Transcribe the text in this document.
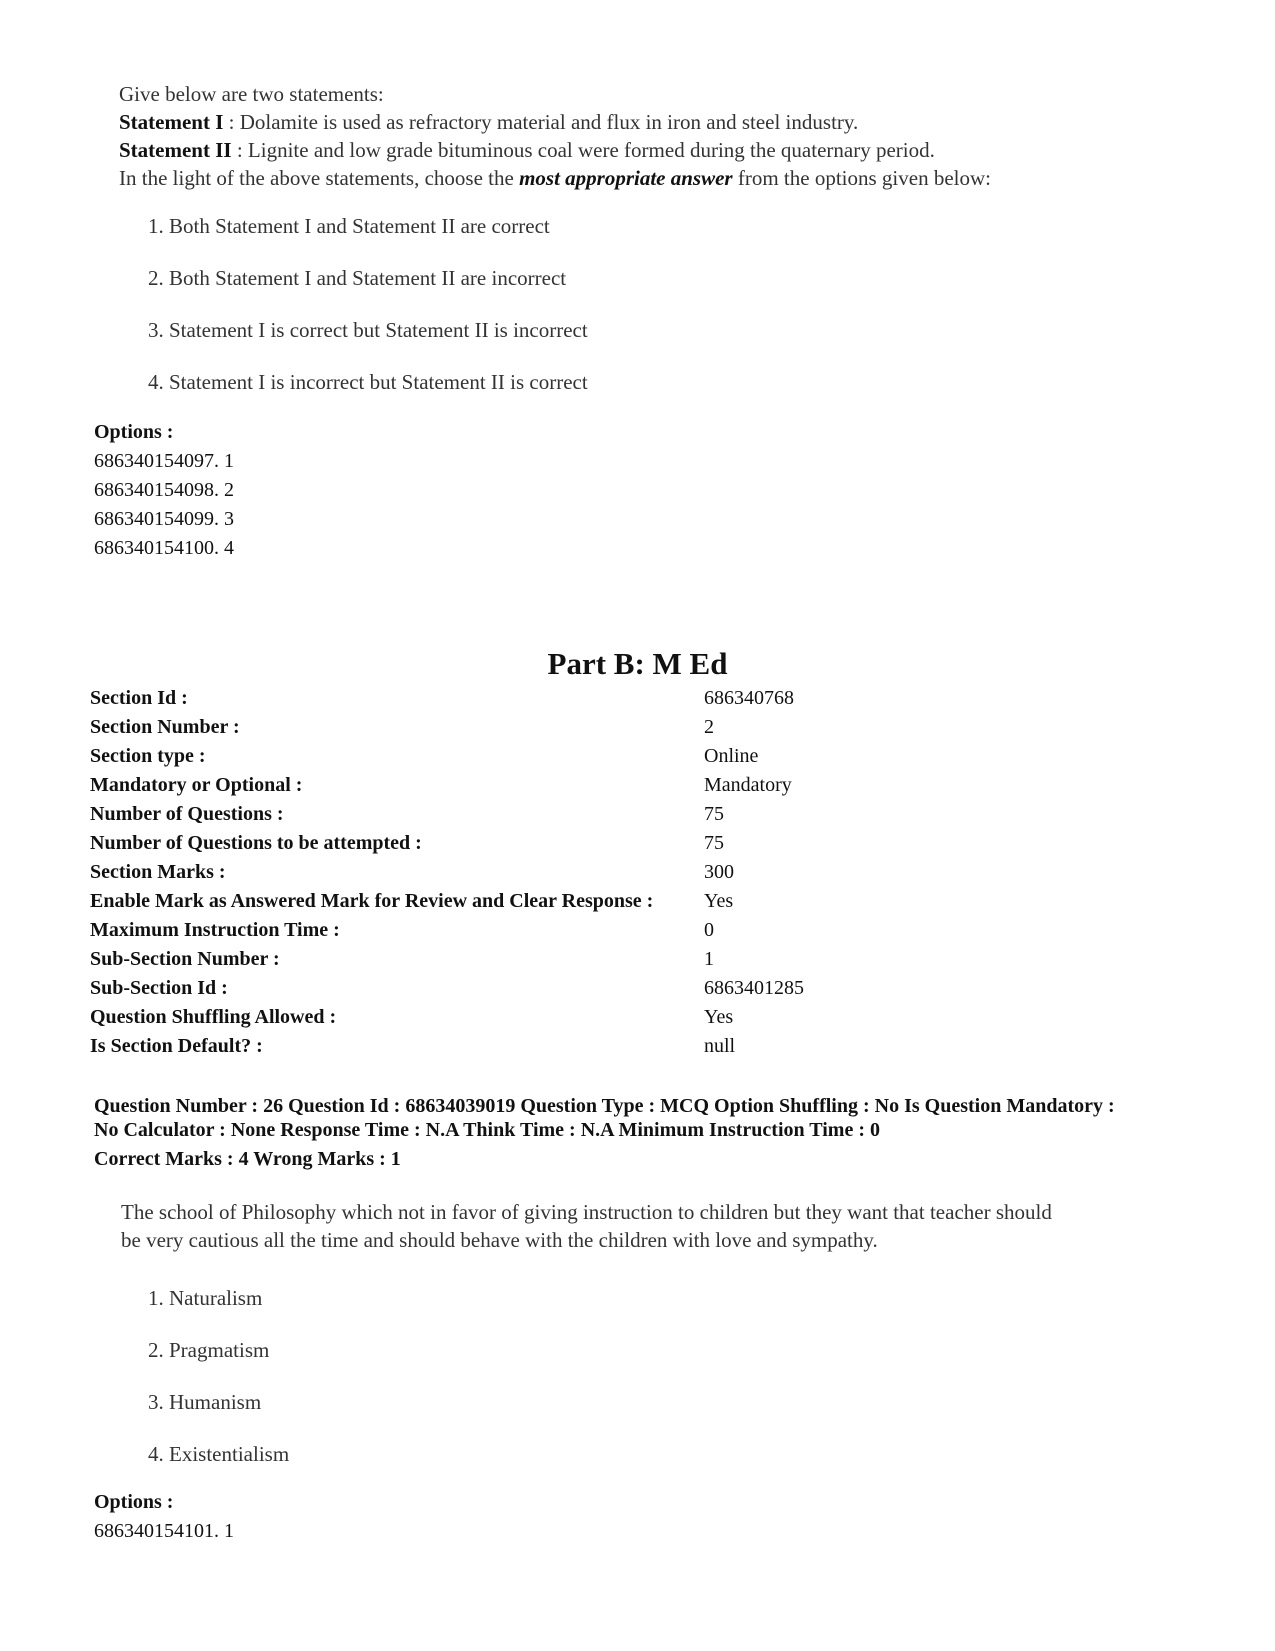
Give below are two statements:
Statement I : Dolamite is used as refractory material and flux in iron and steel industry.
Statement II : Lignite and low grade bituminous coal were formed during the quaternary period.
In the light of the above statements, choose the most appropriate answer from the options given below:
1. Both Statement I and Statement II are correct
2. Both Statement I and Statement II are incorrect
3. Statement I is correct but Statement II is incorrect
4. Statement I is incorrect but Statement II is correct
Options :
686340154097. 1
686340154098. 2
686340154099. 3
686340154100. 4
Part B: M Ed
Section Id :	686340768
Section Number :	2
Section type :	Online
Mandatory or Optional :	Mandatory
Number of Questions :	75
Number of Questions to be attempted :	75
Section Marks :	300
Enable Mark as Answered Mark for Review and Clear Response :	Yes
Maximum Instruction Time :	0
Sub-Section Number :	1
Sub-Section Id :	6863401285
Question Shuffling Allowed :	Yes
Is Section Default? :	null
Question Number : 26 Question Id : 68634039019 Question Type : MCQ Option Shuffling : No Is Question Mandatory :
No Calculator : None Response Time : N.A Think Time : N.A Minimum Instruction Time : 0
Correct Marks : 4 Wrong Marks : 1
The school of Philosophy which not in favor of giving instruction to children but they want that teacher should
be very cautious all the time and should behave with the children with love and sympathy.
1. Naturalism
2. Pragmatism
3. Humanism
4. Existentialism
Options :
686340154101. 1
